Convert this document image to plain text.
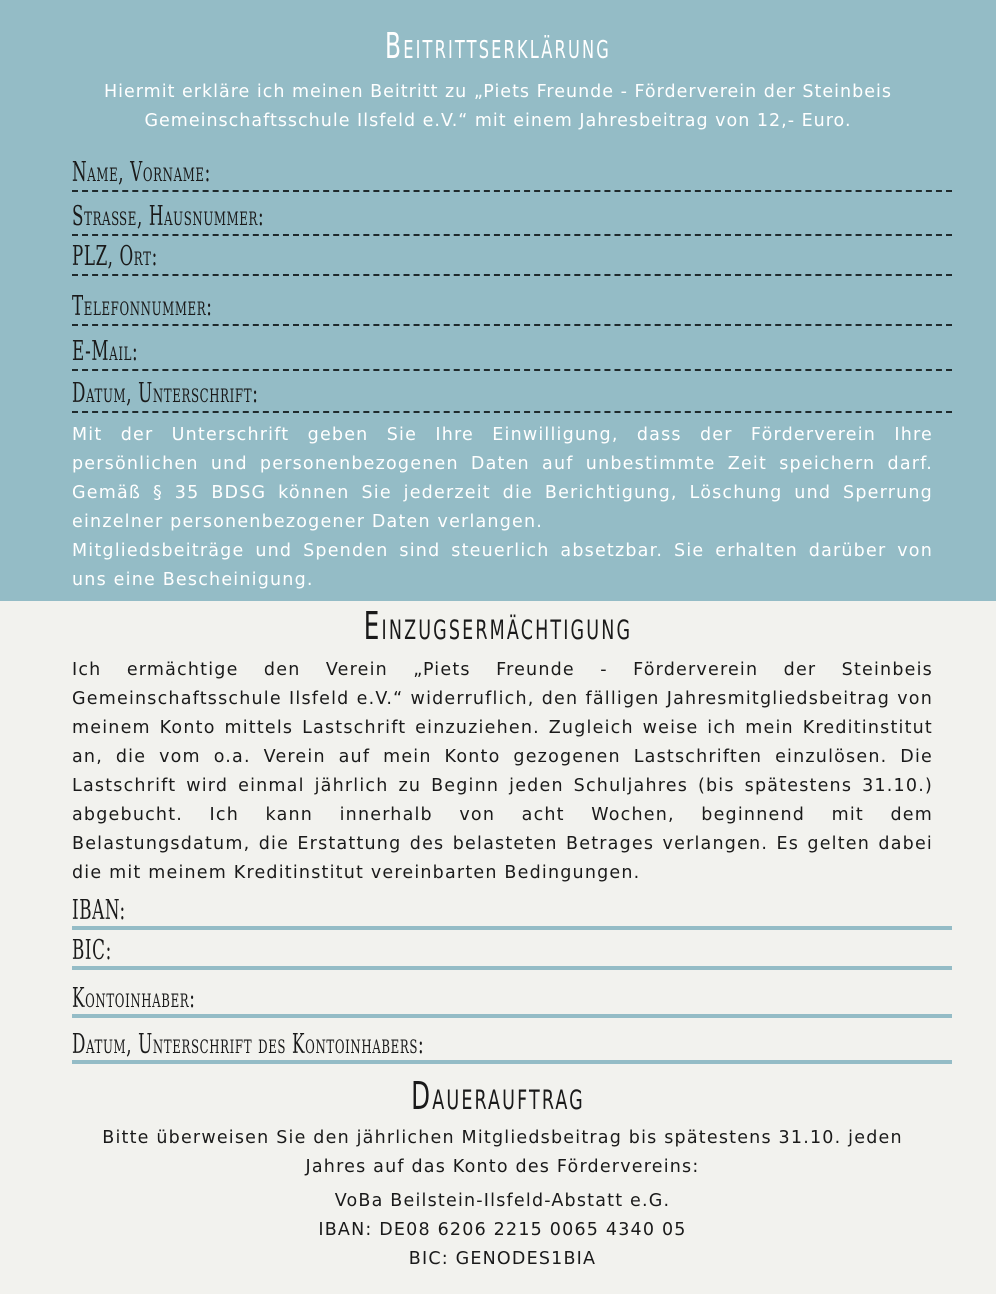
Beitrittserklärung
Hiermit erkläre ich meinen Beitritt zu „Piets Freunde - Förderverein der Steinbeis Gemeinschaftsschule Ilsfeld e.V.“ mit einem Jahresbeitrag von 12,- Euro.
Name, Vorname:
Straße, Hausnummer:
PLZ, Ort:
Telefonnummer:
E-Mail:
Datum, Unterschrift:

Mit der Unterschrift geben Sie Ihre Einwilligung, dass der Förderverein Ihre persönlichen und personenbezogenen Daten auf unbestimmte Zeit speichern darf. Gemäß § 35 BDSG können Sie jederzeit die Berichtigung, Löschung und Sperrung einzelner personenbezogener Daten verlangen.

Mitgliedsbeiträge und Spenden sind steuerlich absetzbar. Sie erhalten darüber von uns eine Bescheinigung.

Einzugsermächtigung

Ich ermächtige den Verein „Piets Freunde - Förderverein der Steinbeis Gemeinschaftsschule Ilsfeld e.V.“ widerruflich, den fälligen Jahresmitgliedsbeitrag von meinem Konto mittels Lastschrift einzuziehen. Zugleich weise ich mein Kreditinstitut an, die vom o.a. Verein auf mein Konto gezogenen Lastschriften einzulösen. Die Lastschrift wird einmal jährlich zu Beginn jeden Schuljahres (bis spätestens 31.10.) abgebucht. Ich kann innerhalb von acht Wochen, beginnend mit dem Belastungsdatum, die Erstattung des belasteten Betrages verlangen. Es gelten dabei die mit meinem Kreditinstitut vereinbarten Bedingungen.

IBAN:
BIC:
Kontoinhaber:
Datum, Unterschrift des Kontoinhabers:
Dauerauftrag
Bitte überweisen Sie den jährlichen Mitgliedsbeitrag bis spätestens 31.10. jeden Jahres auf das Konto des Fördervereins:
VoBa Beilstein-Ilsfeld-Abstatt e.G.
IBAN: DE08 6206 2215 0065 4340 05
BIC: GENODES1BIA
